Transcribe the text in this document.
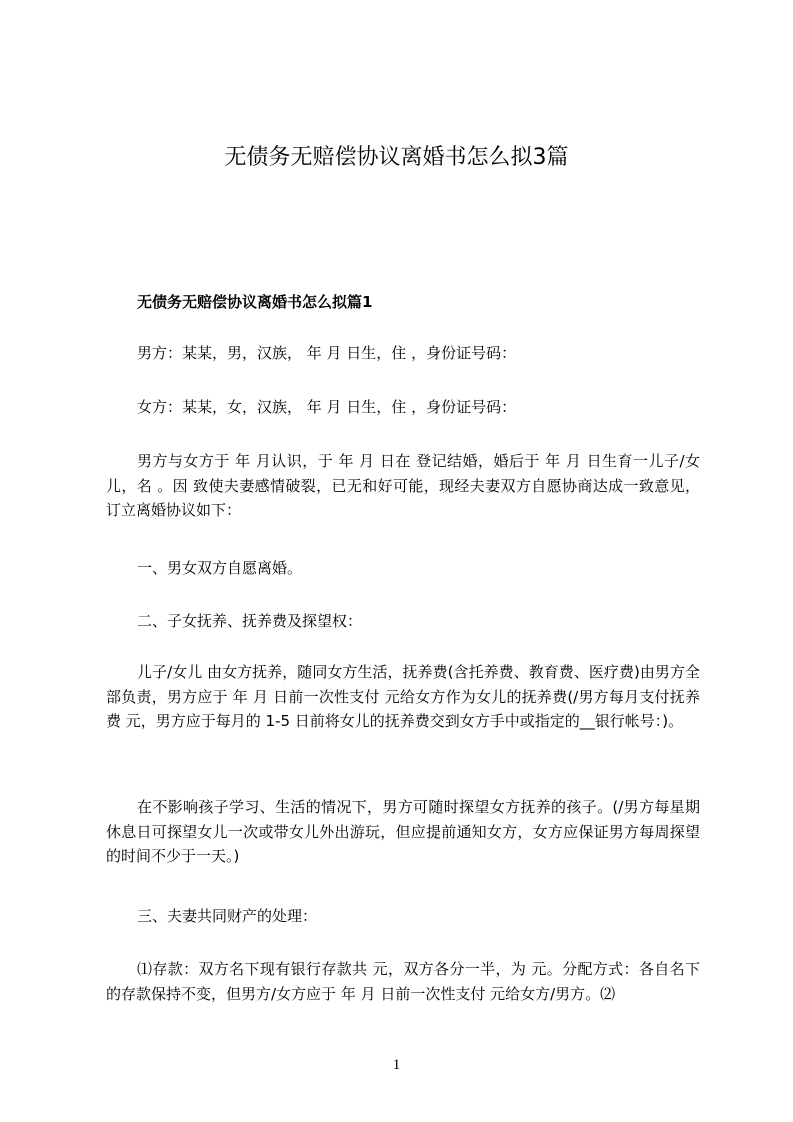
无债务无赔偿协议离婚书怎么拟3篇
无债务无赔偿协议离婚书怎么拟篇1

男方：某某，男，汉族， 年 月 日生，住 ，身份证号码：

女方：某某，女，汉族， 年 月 日生，住 ，身份证号码：

男方与女方于 年 月认识，于 年 月 日在 登记结婚，婚后于 年 月 日生育一儿子/女儿，名 。因 致使夫妻感情破裂，已无和好可能，现经夫妻双方自愿协商达成一致意见，订立离婚协议如下：

一、男女双方自愿离婚。

二、子女抚养、抚养费及探望权：

儿子/女儿 由女方抚养，随同女方生活，抚养费(含托养费、教育费、医疗费)由男方全部负责，男方应于 年 月 日前一次性支付 元给女方作为女儿的抚养费(/男方每月支付抚养费 元，男方应于每月的 1-5 日前将女儿的抚养费交到女方手中或指定的__银行帐号：)。

在不影响孩子学习、生活的情况下，男方可随时探望女方抚养的孩子。(/男方每星期休息日可探望女儿一次或带女儿外出游玩，但应提前通知女方，女方应保证男方每周探望的时间不少于一天。)

三、夫妻共同财产的处理：

⑴存款：双方名下现有银行存款共 元，双方各分一半，为 元。分配方式：各自名下的存款保持不变，但男方/女方应于 年 月 日前一次性支付 元给女方/男方。⑵

1
